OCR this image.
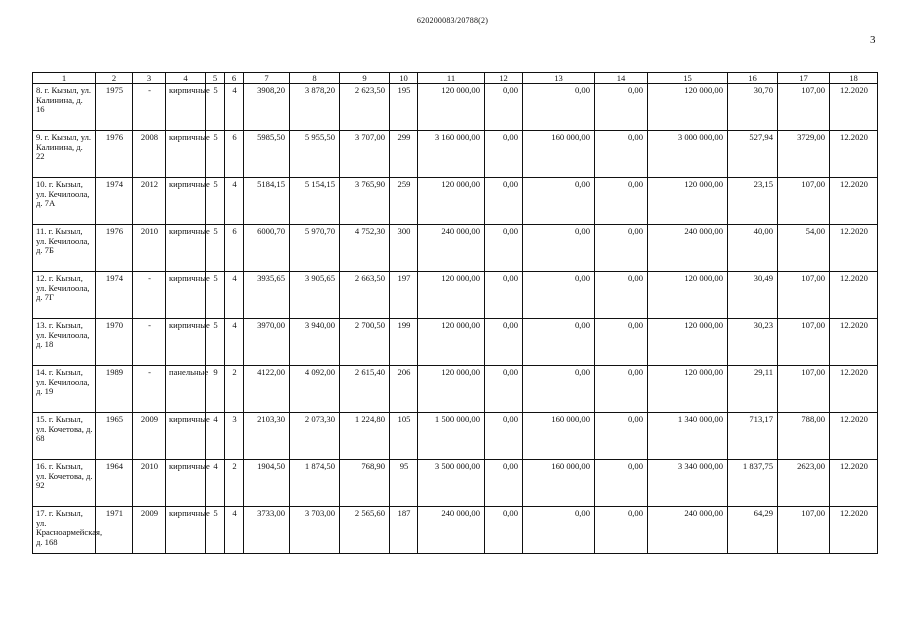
620200083/20788(2)
3
1	2	3	4	5	6	7	8	9	10	11	12	13	14	15	16	17	18
8. г. Кызыл, ул. Калинина, д. 16	1975	-	кирпичные	5	4	3908,20	3 878,20	2 623,50	195	120 000,00	0,00	0,00	0,00	120 000,00	30,70	107,00	12.2020
9. г. Кызыл, ул. Калинина, д. 22	1976	2008	кирпичные	5	6	5985,50	5 955,50	3 707,00	299	3 160 000,00	0,00	160 000,00	0,00	3 000 000,00	527,94	3729,00	12.2020
10. г. Кызыл, ул. Кечилоола, д. 7А	1974	2012	кирпичные	5	4	5184,15	5 154,15	3 765,90	259	120 000,00	0,00	0,00	0,00	120 000,00	23,15	107,00	12.2020
11. г. Кызыл, ул. Кечилоола, д. 7Б	1976	2010	кирпичные	5	6	6000,70	5 970,70	4 752,30	300	240 000,00	0,00	0,00	0,00	240 000,00	40,00	54,00	12.2020
12. г. Кызыл, ул. Кечилоола, д. 7Г	1974	-	кирпичные	5	4	3935,65	3 905,65	2 663,50	197	120 000,00	0,00	0,00	0,00	120 000,00	30,49	107,00	12.2020
13. г. Кызыл, ул. Кечилоола, д. 18	1970	-	кирпичные	5	4	3970,00	3 940,00	2 700,50	199	120 000,00	0,00	0,00	0,00	120 000,00	30,23	107,00	12.2020
14. г. Кызыл, ул. Кечилоола, д. 19	1989	-	панельные	9	2	4122,00	4 092,00	2 615,40	206	120 000,00	0,00	0,00	0,00	120 000,00	29,11	107,00	12.2020
15. г. Кызыл, ул. Кочетова, д. 68	1965	2009	кирпичные	4	3	2103,30	2 073,30	1 224,80	105	1 500 000,00	0,00	160 000,00	0,00	1 340 000,00	713,17	788,00	12.2020
16. г. Кызыл, ул. Кочетова, д. 92	1964	2010	кирпичные	4	2	1904,50	1 874,50	768,90	95	3 500 000,00	0,00	160 000,00	0,00	3 340 000,00	1 837,75	2623,00	12.2020
17. г. Кызыл, ул. Красноармейская, д. 168	1971	2009	кирпичные	5	4	3733,00	3 703,00	2 565,60	187	240 000,00	0,00	0,00	0,00	240 000,00	64,29	107,00	12.2020
